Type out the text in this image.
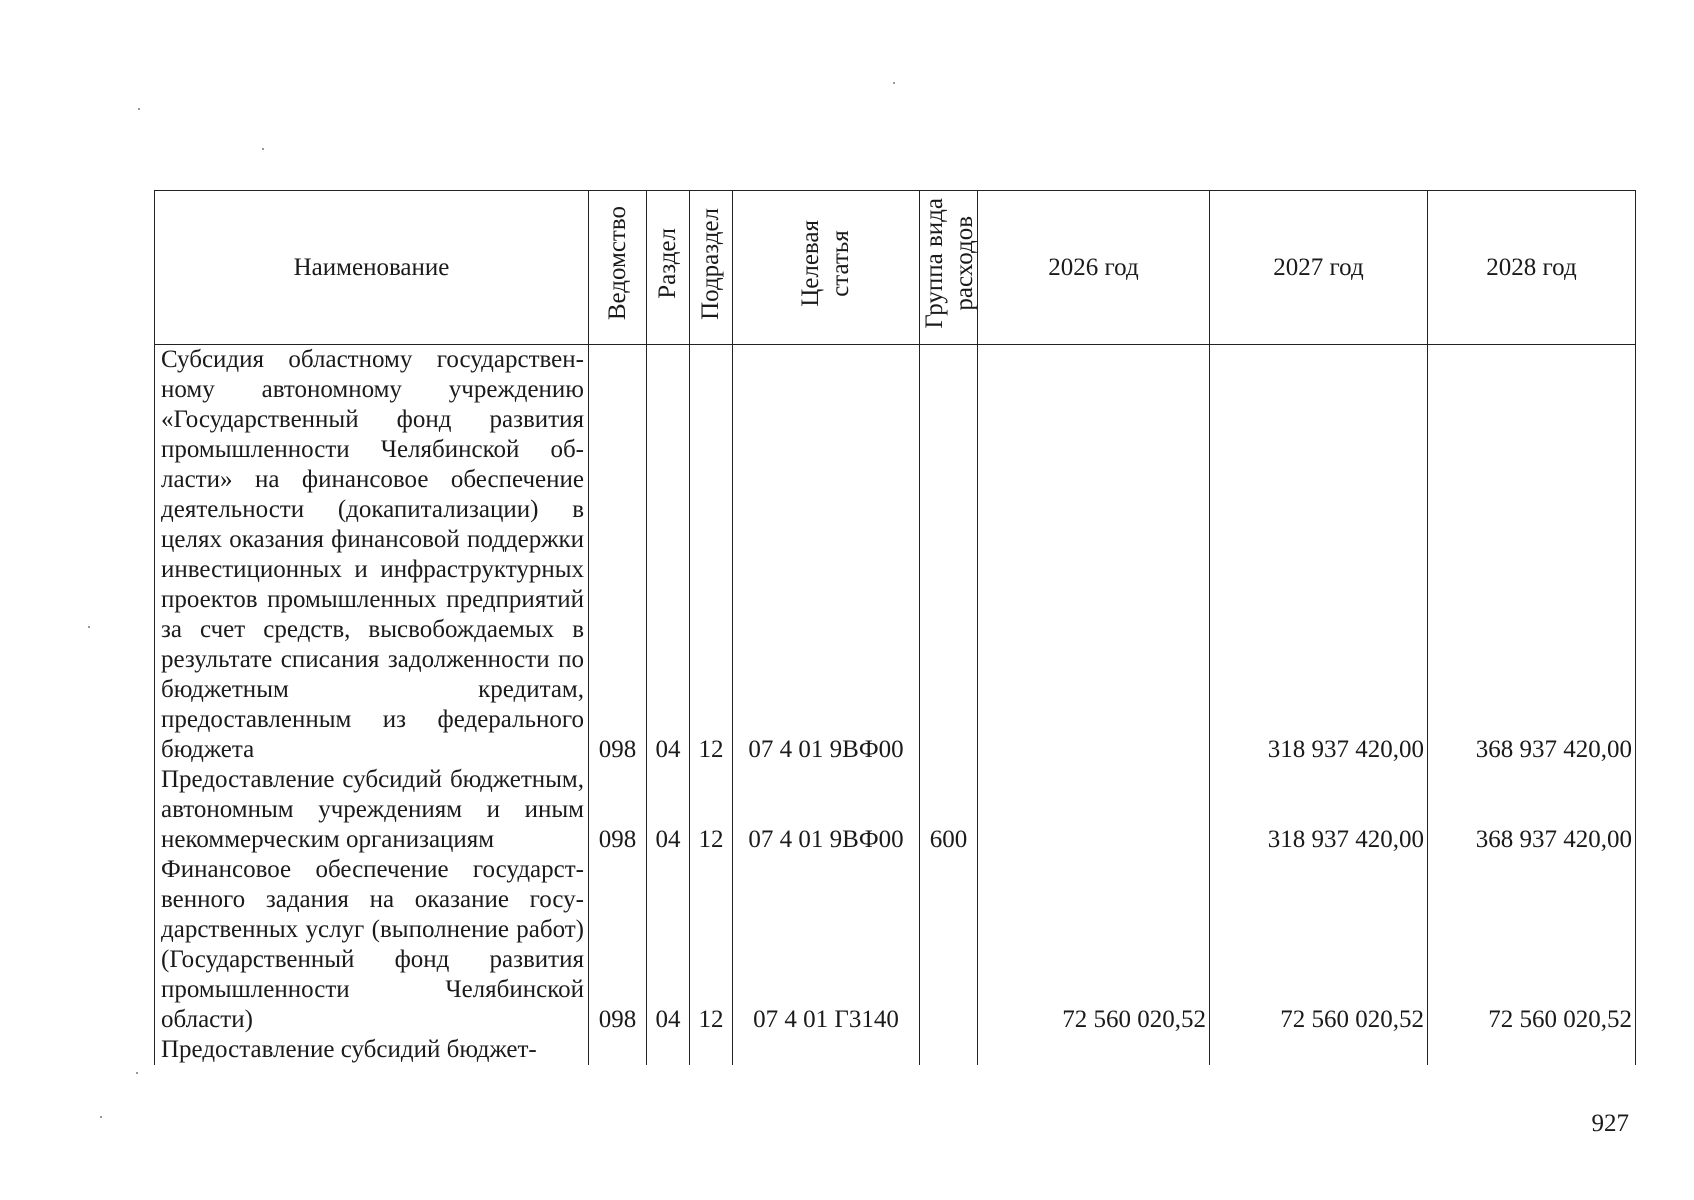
Наименование	Ведомство	Раздел	Подраздел	Целевая статья	Группа вида расходов	2026 год	2027 год	2028 год
Субсидия областному государственному автономному учреждению «Государственный фонд развития промышленности Челябинской области» на финансовое обеспечение деятельности (докапитализации) в целях оказания финансовой поддержки инвестиционных и инфраструктурных проектов промышленных предприятий за счет средств, высвобождаемых в результате списания задолженности по бюджетным кредитам, предоставленным из федерального бюджета	098	04	12	07 4 01 9ВФ00			318 937 420,00	368 937 420,00
Предоставление субсидий бюджетным, автономным учреждениям и иным некоммерческим организациям	098	04	12	07 4 01 9ВФ00	600		318 937 420,00	368 937 420,00
Финансовое обеспечение государственного задания на оказание государственных услуг (выполнение работ) (Государственный фонд развития промышленности Челябинской области)	098	04	12	07 4 01 Г3140		72 560 020,52	72 560 020,52	72 560 020,52
Предоставление субсидий бюджет-								
927
